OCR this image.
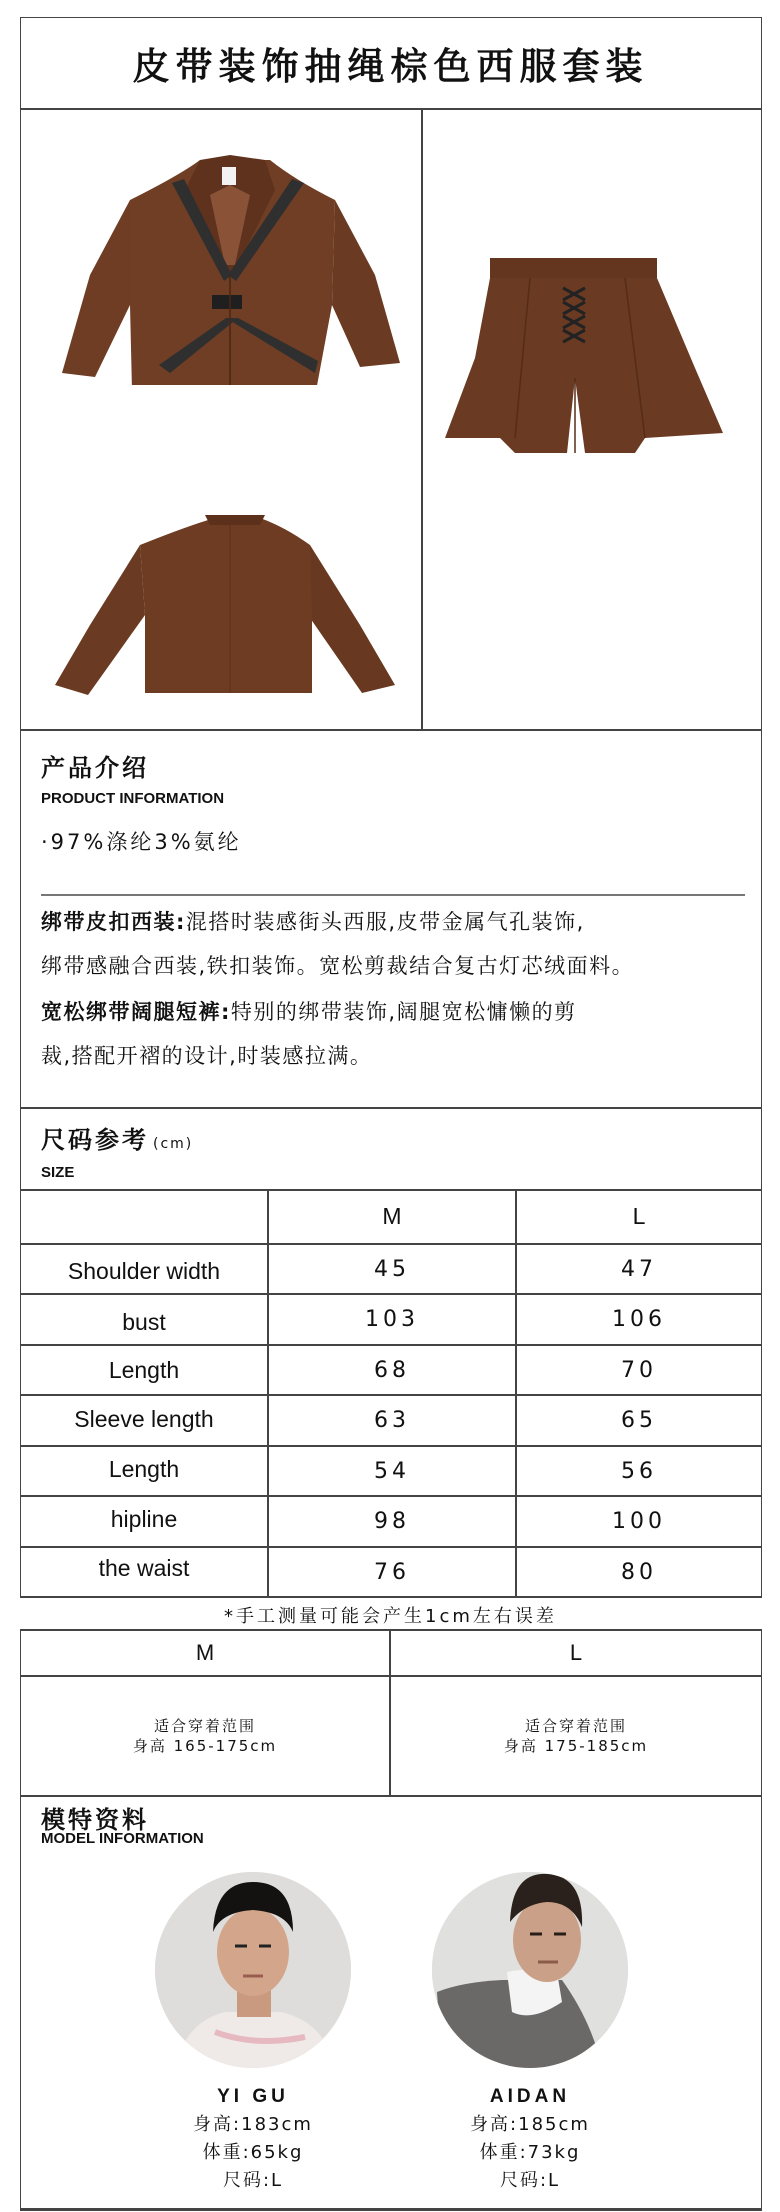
皮带装饰抽绳棕色西服套装
产品介绍
PRODUCT INFORMATION
·97%涤纶3%氨纶
绑带皮扣西装:混搭时装感街头西服,皮带金属气孔装饰,
绑带感融合西装,铁扣装饰。宽松剪裁结合复古灯芯绒面料。
宽松绑带阔腿短裤:特别的绑带装饰,阔腿宽松慵懒的剪
裁,搭配开褶的设计,时装感拉满。
尺码参考 (cm)
SIZE
M	L
Shoulder width	45	47
bust	103	106
Length	68	70
Sleeve length	63	65
Length	54	56
hipline	98	100
the waist	76	80
*手工测量可能会产生1cm左右误差
M	L
适合穿着范围
身高 165-175cm
适合穿着范围
身高 175-185cm
模特资料
MODEL INFORMATION
YI GU
身高:183cm
体重:65kg
尺码:L
AIDAN
身高:185cm
体重:73kg
尺码:L
